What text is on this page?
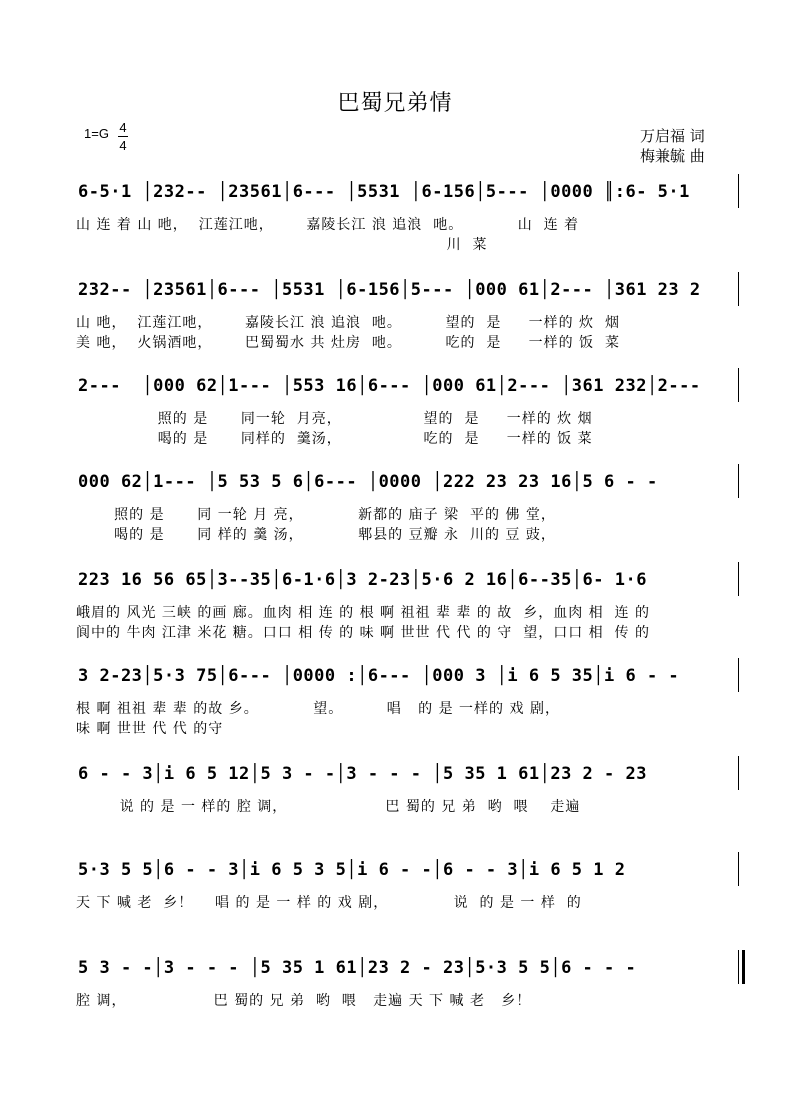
巴蜀兄弟情
1=G 4
4
万启福 词
梅兼毓 曲
6-5·1 │232-- │23561│6--- │5531 │6-156│5--- │0000 ║:6- 5·1
山 连 着 山 吔，  江莲江吔，      嘉陵长江 浪 追浪  吔。          山  连 着
川  菜
232-- │23561│6--- │5531 │6-156│5--- │000 61│2--- │361 23 2
山 吔，  江莲江吔，      嘉陵长江 浪 追浪  吔。        望的  是     一样的 炊  烟
美 吔，  火锅酒吔，      巴蜀蜀水 共 灶房  吔。        吃的  是     一样的 饭  菜
2---  │000 62│1--- │553 16│6--- │000 61│2--- │361 232│2---
照的 是      同一轮  月亮，               望的  是     一样的 炊 烟
喝的 是      同样的  羹汤，               吃的  是     一样的 饭 菜
000 62│1--- │5 53 5 6│6--- │0000 │222 23 23 16│5 6 - -
照的 是      同 一轮 月 亮，          新都的 庙子 梁  平的 佛 堂，
喝的 是      同 样的 羹 汤，          郫县的 豆瓣 永  川的 豆 豉，
223 16 56 65│3--35│6-1·6│3 2-23│5·6 2 16│6--35│6- 1·6
峨眉的 风光 三峡 的画 廊。血肉 相 连 的 根 啊 祖祖 辈 辈 的 故  乡，血肉 相  连 的
阆中的 牛肉 江津 米花 糖。口口 相 传 的 味 啊 世世 代 代 的 守  望，口口 相  传 的
3 2-23│5·3 75│6--- │0000 :│6--- │000 3 │i 6 5 35│i 6 - -
根 啊 祖祖 辈 辈 的故 乡。          望。        唱   的 是 一样的 戏 剧，
味 啊 世世 代 代 的守
6 - - 3│i 6 5 12│5 3 - -│3 - - - │5 35 1 61│23 2 - 23
说 的 是 一 样的 腔 调，                  巴 蜀的 兄 弟  哟  喂    走遍
5·3 5 5│6 - - 3│i 6 5 3 5│i 6 - -│6 - - 3│i 6 5 1 2
天 下 喊 老  乡！    唱 的 是 一 样 的 戏 剧，            说  的 是 一 样  的
5 3 - -│3 - - - │5 35 1 61│23 2 - 23│5·3 5 5│6 - - -
腔 调，                巴 蜀的 兄 弟  哟  喂   走遍 天 下 喊 老   乡！
